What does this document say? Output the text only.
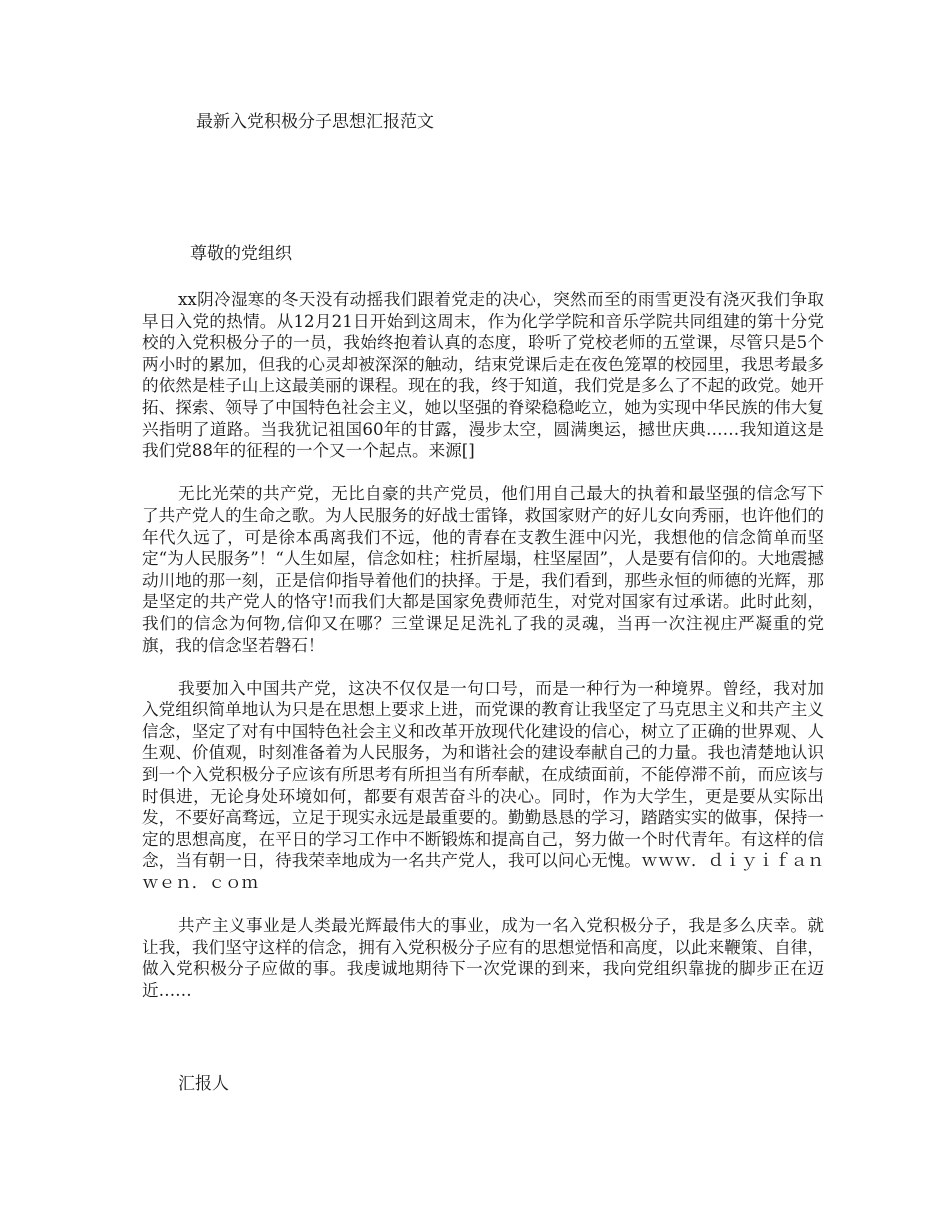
最新入党积极分子思想汇报范文
尊敬的党组织

xx阴冷湿寒的冬天没有动摇我们跟着党走的决心，突然而至的雨雪更没有浇灭我们争取早日入党的热情。从12月21日开始到这周末，作为化学学院和音乐学院共同组建的第十分党校的入党积极分子的一员，我始终抱着认真的态度，聆听了党校老师的五堂课，尽管只是5个两小时的累加，但我的心灵却被深深的触动，结束党课后走在夜色笼罩的校园里，我思考最多的依然是桂子山上这最美丽的课程。现在的我，终于知道，我们党是多么了不起的政党。她开拓、探索、领导了中国特色社会主义，她以坚强的脊梁稳稳屹立，她为实现中华民族的伟大复兴指明了道路。当我犹记祖国60年的甘露，漫步太空，圆满奥运，撼世庆典……我知道这是我们党88年的征程的一个又一个起点。来源[]

无比光荣的共产党，无比自豪的共产党员，他们用自己最大的执着和最坚强的信念写下了共产党人的生命之歌。为人民服务的好战士雷锋，救国家财产的好儿女向秀丽，也许他们的年代久远了，可是徐本禹离我们不远，他的青春在支教生涯中闪光，我想他的信念简单而坚定“为人民服务”！“人生如屋，信念如柱；柱折屋塌，柱坚屋固”，人是要有信仰的。大地震撼动川地的那一刻，正是信仰指导着他们的抉择。于是，我们看到，那些永恒的师德的光辉，那是坚定的共产党人的恪守!而我们大都是国家免费师范生，对党对国家有过承诺。此时此刻，我们的信念为何物,信仰又在哪？三堂课足足洗礼了我的灵魂，当再一次注视庄严凝重的党旗，我的信念坚若磐石！

我要加入中国共产党，这决不仅仅是一句口号，而是一种行为一种境界。曾经，我对加入党组织简单地认为只是在思想上要求上进，而党课的教育让我坚定了马克思主义和共产主义信念，坚定了对有中国特色社会主义和改革开放现代化建设的信心，树立了正确的世界观、人生观、价值观，时刻准备着为人民服务，为和谐社会的建设奉献自己的力量。我也清楚地认识到一个入党积极分子应该有所思考有所担当有所奉献，在成绩面前，不能停滞不前，而应该与时俱进，无论身处环境如何，都要有艰苦奋斗的决心。同时，作为大学生，更是要从实际出发，不要好高骛远，立足于现实永远是最重要的。勤勤恳恳的学习，踏踏实实的做事，保持一定的思想高度，在平日的学习工作中不断锻炼和提高自己，努力做一个时代青年。有这样的信念，当有朝一日，待我荣幸地成为一名共产党人，我可以问心无愧。ｗｗｗ．ｄｉｙｉｆａｎｗｅｎ．ｃｏｍ

共产主义事业是人类最光辉最伟大的事业，成为一名入党积极分子，我是多么庆幸。就让我，我们坚守这样的信念，拥有入党积极分子应有的思想觉悟和高度，以此来鞭策、自律，做入党积极分子应做的事。我虔诚地期待下一次党课的到来，我向党组织靠拢的脚步正在迈近……

汇报人
